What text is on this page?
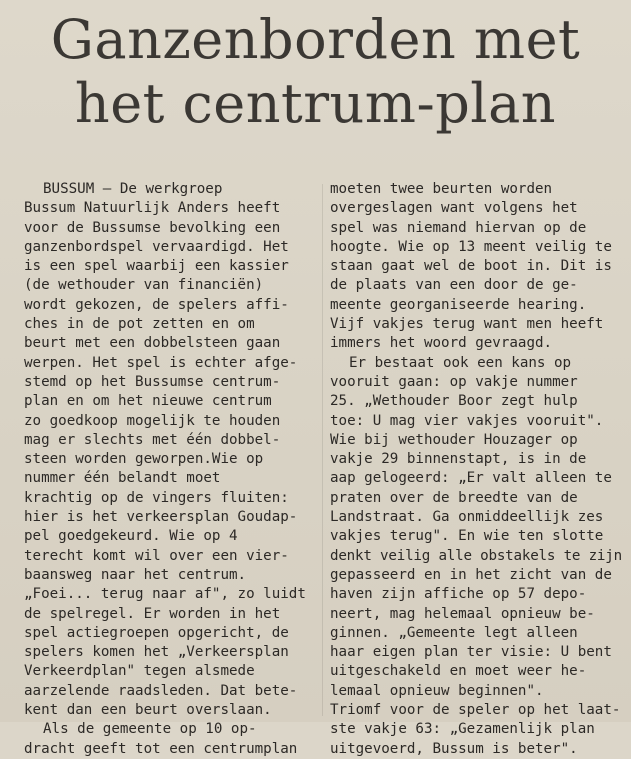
Ganzenborden met
het centrum-plan
BUSSUM — De werkgroep
Bussum Natuurlijk Anders heeft
voor de Bussumse bevolking een
ganzenbordspel vervaardigd. Het
is een spel waarbij een kassier
(de wethouder van financiën)
wordt gekozen, de spelers affi-
ches in de pot zetten en om
beurt met een dobbelsteen gaan
werpen. Het spel is echter afge-
stemd op het Bussumse centrum-
plan en om het nieuwe centrum
zo goedkoop mogelijk te houden
mag er slechts met één dobbel-
steen worden geworpen.Wie op
nummer één belandt moet
krachtig op de vingers fluiten:
hier is het verkeersplan Goudap-
pel goedgekeurd. Wie op 4
terecht komt wil over een vier-
baansweg naar het centrum.
„Foei... terug naar af", zo luidt
de spelregel. Er worden in het
spel actiegroepen opgericht, de
spelers komen het „Verkeersplan
Verkeerdplan" tegen alsmede
aarzelende raadsleden. Dat bete-
kent dan een beurt overslaan.
Als de gemeente op 10 op-
dracht geeft tot een centrumplan
moeten twee beurten worden
overgeslagen want volgens het
spel was niemand hiervan op de
hoogte. Wie op 13 meent veilig te
staan gaat wel de boot in. Dit is
de plaats van een door de ge-
meente georganiseerde hearing.
Vijf vakjes terug want men heeft
immers het woord gevraagd.
Er bestaat ook een kans op
vooruit gaan: op vakje nummer
25. „Wethouder Boor zegt hulp
toe: U mag vier vakjes vooruit".
Wie bij wethouder Houzager op
vakje 29 binnenstapt, is in de
aap gelogeerd: „Er valt alleen te
praten over de breedte van de
Landstraat. Ga onmiddeellijk zes
vakjes terug". En wie ten slotte
denkt veilig alle obstakels te zijn
gepasseerd en in het zicht van de
haven zijn affiche op 57 depo-
neert, mag helemaal opnieuw be-
ginnen. „Gemeente legt alleen
haar eigen plan ter visie: U bent
uitgeschakeld en moet weer he-
lemaal opnieuw beginnen".
Triomf voor de speler op het laat-
ste vakje 63: „Gezamenlijk plan
uitgevoerd, Bussum is beter".
